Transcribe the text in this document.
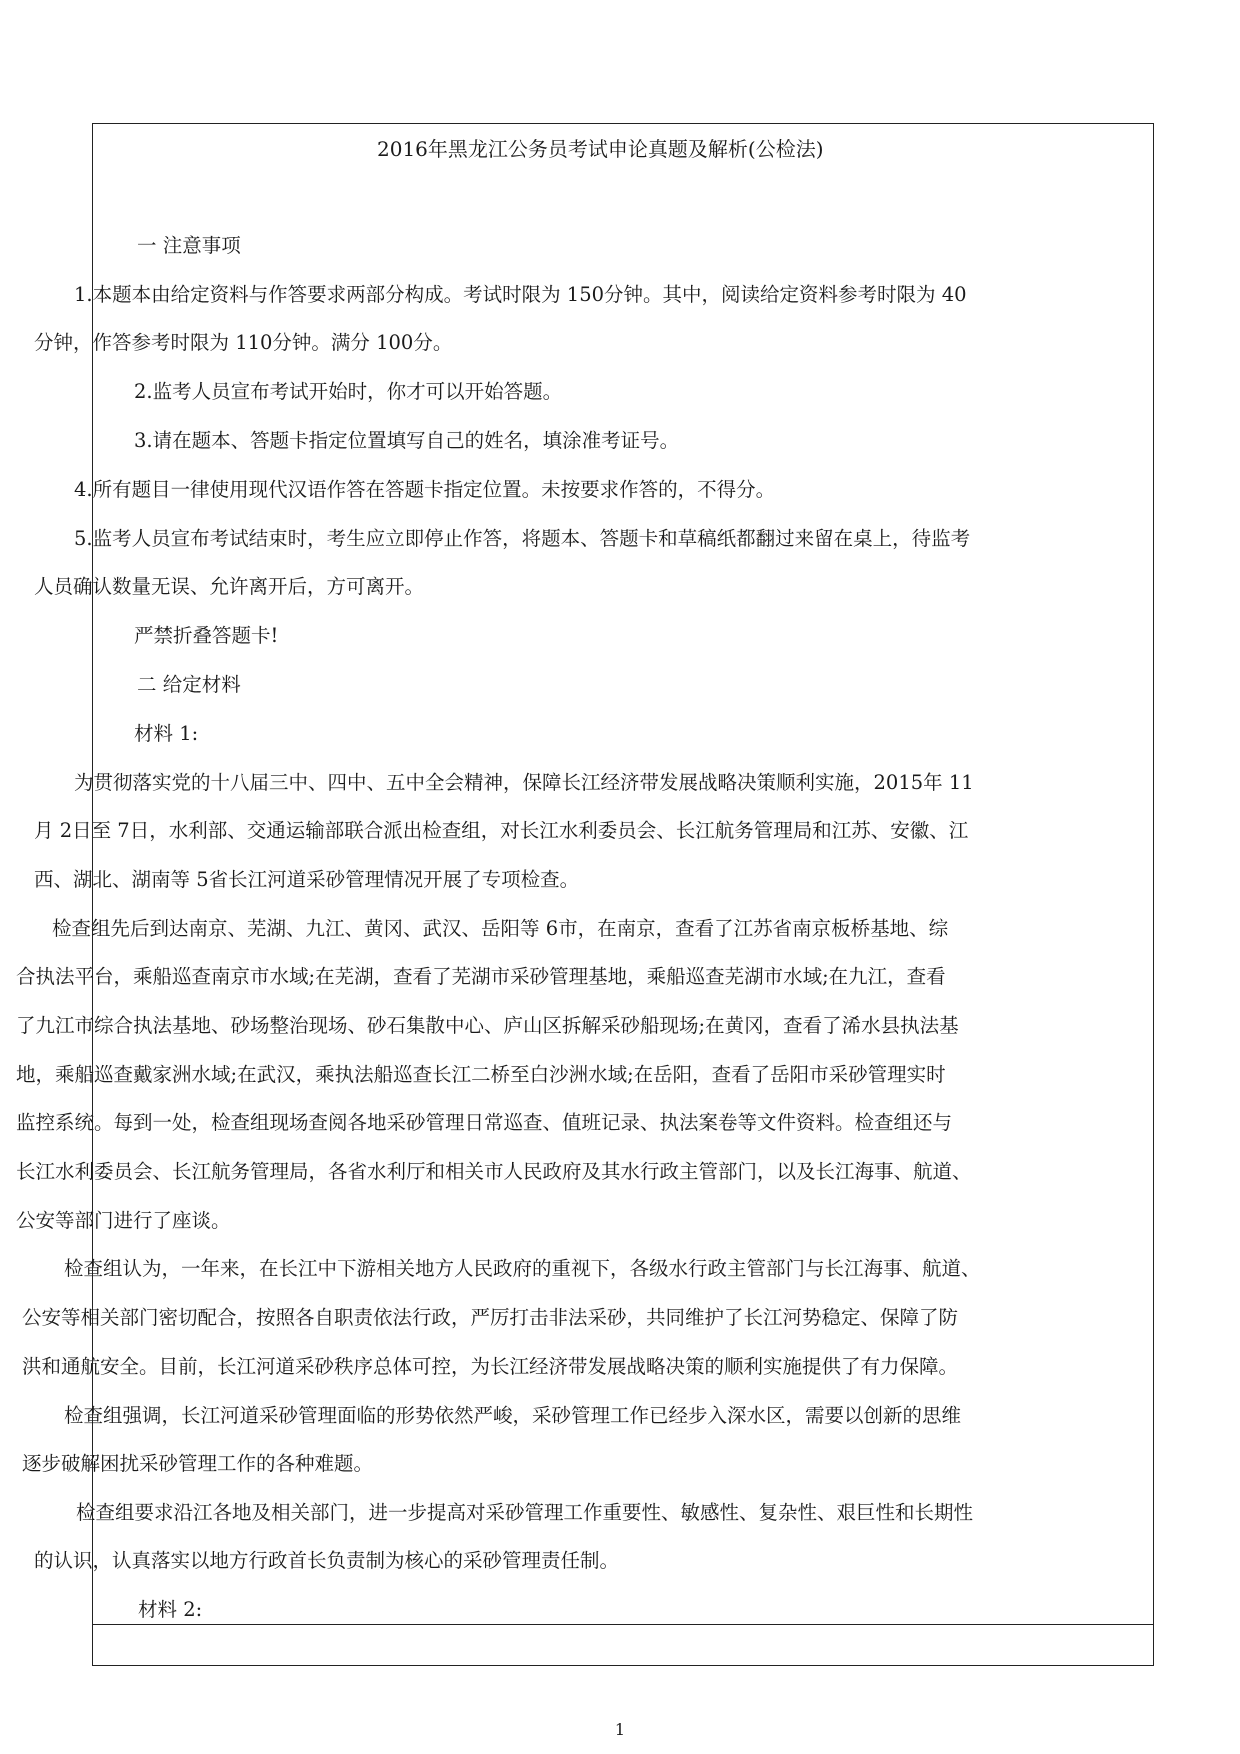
2016年黑龙江公务员考试申论真题及解析(公检法)
一 注意事项
1.本题本由给定资料与作答要求两部分构成。考试时限为 150分钟。其中，阅读给定资料参考时限为 40
分钟，作答参考时限为 110分钟。满分 100分。
2.监考人员宣布考试开始时，你才可以开始答题。
3.请在题本、答题卡指定位置填写自己的姓名，填涂准考证号。
4.所有题目一律使用现代汉语作答在答题卡指定位置。未按要求作答的，不得分。
5.监考人员宣布考试结束时，考生应立即停止作答，将题本、答题卡和草稿纸都翻过来留在桌上，待监考
人员确认数量无误、允许离开后，方可离开。
严禁折叠答题卡!
二 给定材料
材料 1:
为贯彻落实党的十八届三中、四中、五中全会精神，保障长江经济带发展战略决策顺利实施，2015年 11
月 2日至 7日，水利部、交通运输部联合派出检查组，对长江水利委员会、长江航务管理局和江苏、安徽、江
西、湖北、湖南等 5省长江河道采砂管理情况开展了专项检查。
检查组先后到达南京、芜湖、九江、黄冈、武汉、岳阳等 6市，在南京，查看了江苏省南京板桥基地、综
合执法平台，乘船巡查南京市水域;在芜湖，查看了芜湖市采砂管理基地，乘船巡查芜湖市水域;在九江，查看
了九江市综合执法基地、砂场整治现场、砂石集散中心、庐山区拆解采砂船现场;在黄冈，查看了浠水县执法基
地，乘船巡查戴家洲水域;在武汉，乘执法船巡查长江二桥至白沙洲水域;在岳阳，查看了岳阳市采砂管理实时
监控系统。每到一处，检查组现场查阅各地采砂管理日常巡查、值班记录、执法案卷等文件资料。检查组还与
长江水利委员会、长江航务管理局，各省水利厅和相关市人民政府及其水行政主管部门，以及长江海事、航道、
公安等部门进行了座谈。
检查组认为，一年来，在长江中下游相关地方人民政府的重视下，各级水行政主管部门与长江海事、航道、
公安等相关部门密切配合，按照各自职责依法行政，严厉打击非法采砂，共同维护了长江河势稳定、保障了防
洪和通航安全。目前，长江河道采砂秩序总体可控，为长江经济带发展战略决策的顺利实施提供了有力保障。
检查组强调，长江河道采砂管理面临的形势依然严峻，采砂管理工作已经步入深水区，需要以创新的思维
逐步破解困扰采砂管理工作的各种难题。
检查组要求沿江各地及相关部门，进一步提高对采砂管理工作重要性、敏感性、复杂性、艰巨性和长期性
的认识，认真落实以地方行政首长负责制为核心的采砂管理责任制。
材料 2:
1
